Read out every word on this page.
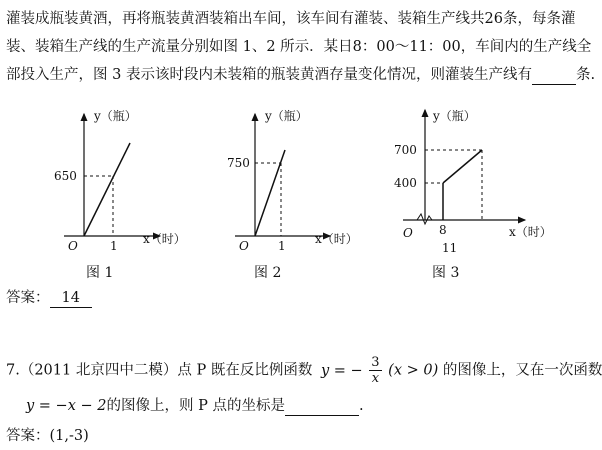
灌装成瓶装黄酒，再将瓶装黄酒装箱出车间，该车间有灌装、装箱生产线共26条，每条灌
装、装箱生产线的生产流量分别如图 1、2 所示．某日8：00～11：00，车间内的生产线全
部投入生产，图 3 表示该时段内未装箱的瓶装黄酒存量变化情况，则灌装生产线有	条.
y（瓶）
x（时）
O
650
1
图 1
y（瓶）
x（时）
O
750
1
图 2
y（瓶）
x（时）
O
700
400
8
11
图 3
答案： 14
7.（2011 北京四中二模）点 P 既在反比例函数 y = − $\frac{3}{x} (x > 0)$ 的图像上，又在一次函数
y = −x − 2的图像上，则 P 点的坐标是	.
答案：(1,-3)
